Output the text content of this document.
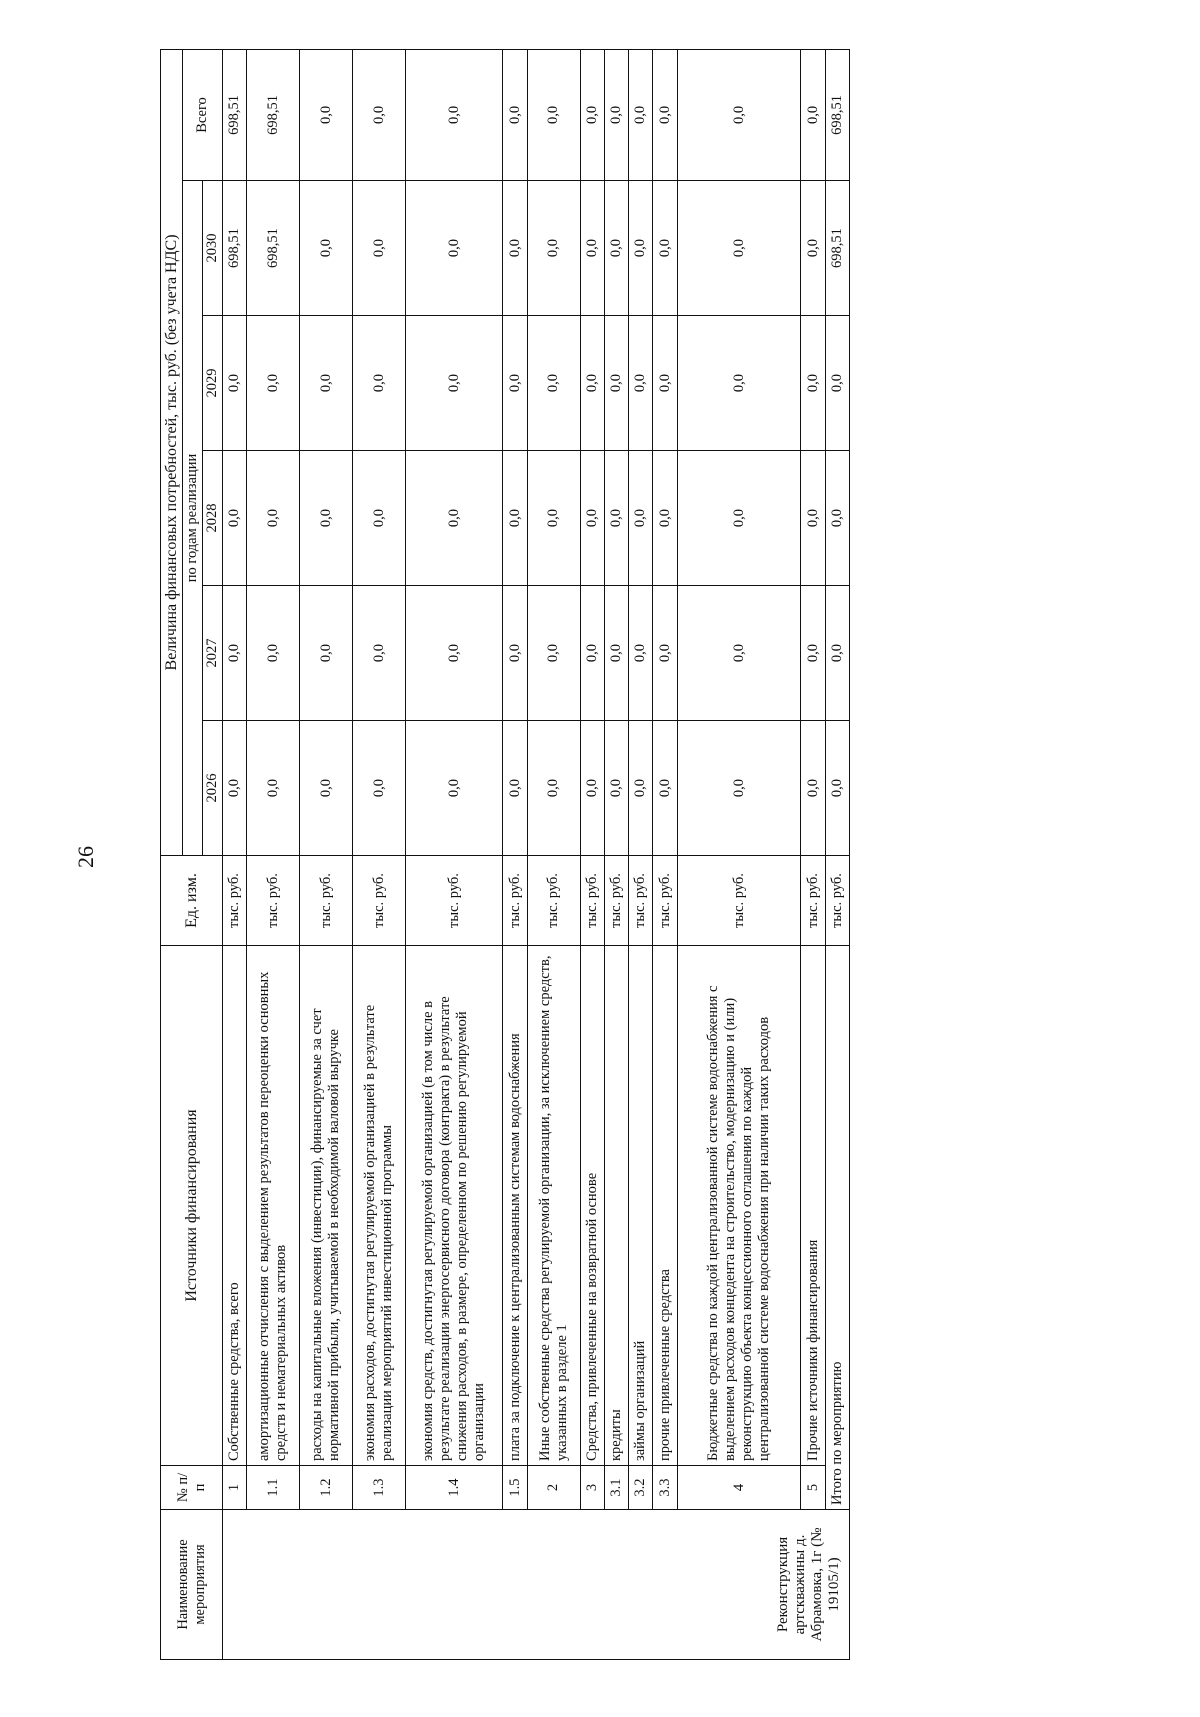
26
Наименование мероприятия	№ п/п	Источники финансирования	Ед. изм.	Величина финансовых потребностей, тыс. руб. (без учета НДС)					
				по годам реализации					Всего
				2026	2027	2028	2029	2030	
Реконструкция артскважины д. Абрамовка, 1г (№ 19105/1)	1	Собственные средства, всего	тыс. руб.	0,0	0,0	0,0	0,0	698,51	698,51
	1.1	амортизационные отчисления с выделением результатов переоценки основных средств и нематериальных активов	тыс. руб.	0,0	0,0	0,0	0,0	698,51	698,51
	1.2	расходы на капитальные вложения (инвестиции), финансируемые за счет нормативной прибыли, учитываемой в необходимой валовой выручке	тыс. руб.	0,0	0,0	0,0	0,0	0,0	0,0
	1.3	экономия расходов, достигнутая регулируемой организацией в результате реализации мероприятий инвестиционной программы	тыс. руб.	0,0	0,0	0,0	0,0	0,0	0,0
	1.4	экономия средств, достигнутая регулируемой организацией (в том числе в результате реализации энергосервисного договора (контракта) в результате снижения расходов, в размере, определенном по решению регулируемой организации	тыс. руб.	0,0	0,0	0,0	0,0	0,0	0,0
	1.5	плата за подключение к централизованным системам водоснабжения	тыс. руб.	0,0	0,0	0,0	0,0	0,0	0,0
	2	Иные собственные средства регулируемой организации, за исключением средств, указанных в разделе 1	тыс. руб.	0,0	0,0	0,0	0,0	0,0	0,0
	3	Средства, привлеченные на возвратной основе	тыс. руб.	0,0	0,0	0,0	0,0	0,0	0,0
	3.1	кредиты	тыс. руб.	0,0	0,0	0,0	0,0	0,0	0,0
	3.2	займы организаций	тыс. руб.	0,0	0,0	0,0	0,0	0,0	0,0
	3.3	прочие привлеченные средства	тыс. руб.	0,0	0,0	0,0	0,0	0,0	0,0
	4	Бюджетные средства по каждой централизованной системе водоснабжения с выделением расходов концедента на строительство, модернизацию и (или) реконструкцию объекта концессионного соглашения по каждой централизованной системе водоснабжения при наличии таких расходов	тыс. руб.	0,0	0,0	0,0	0,0	0,0	0,0
	5	Прочие источники финансирования	тыс. руб.	0,0	0,0	0,0	0,0	0,0	0,0
	Итого по мероприятию		тыс. руб.	0,0	0,0	0,0	0,0	698,51	698,51
